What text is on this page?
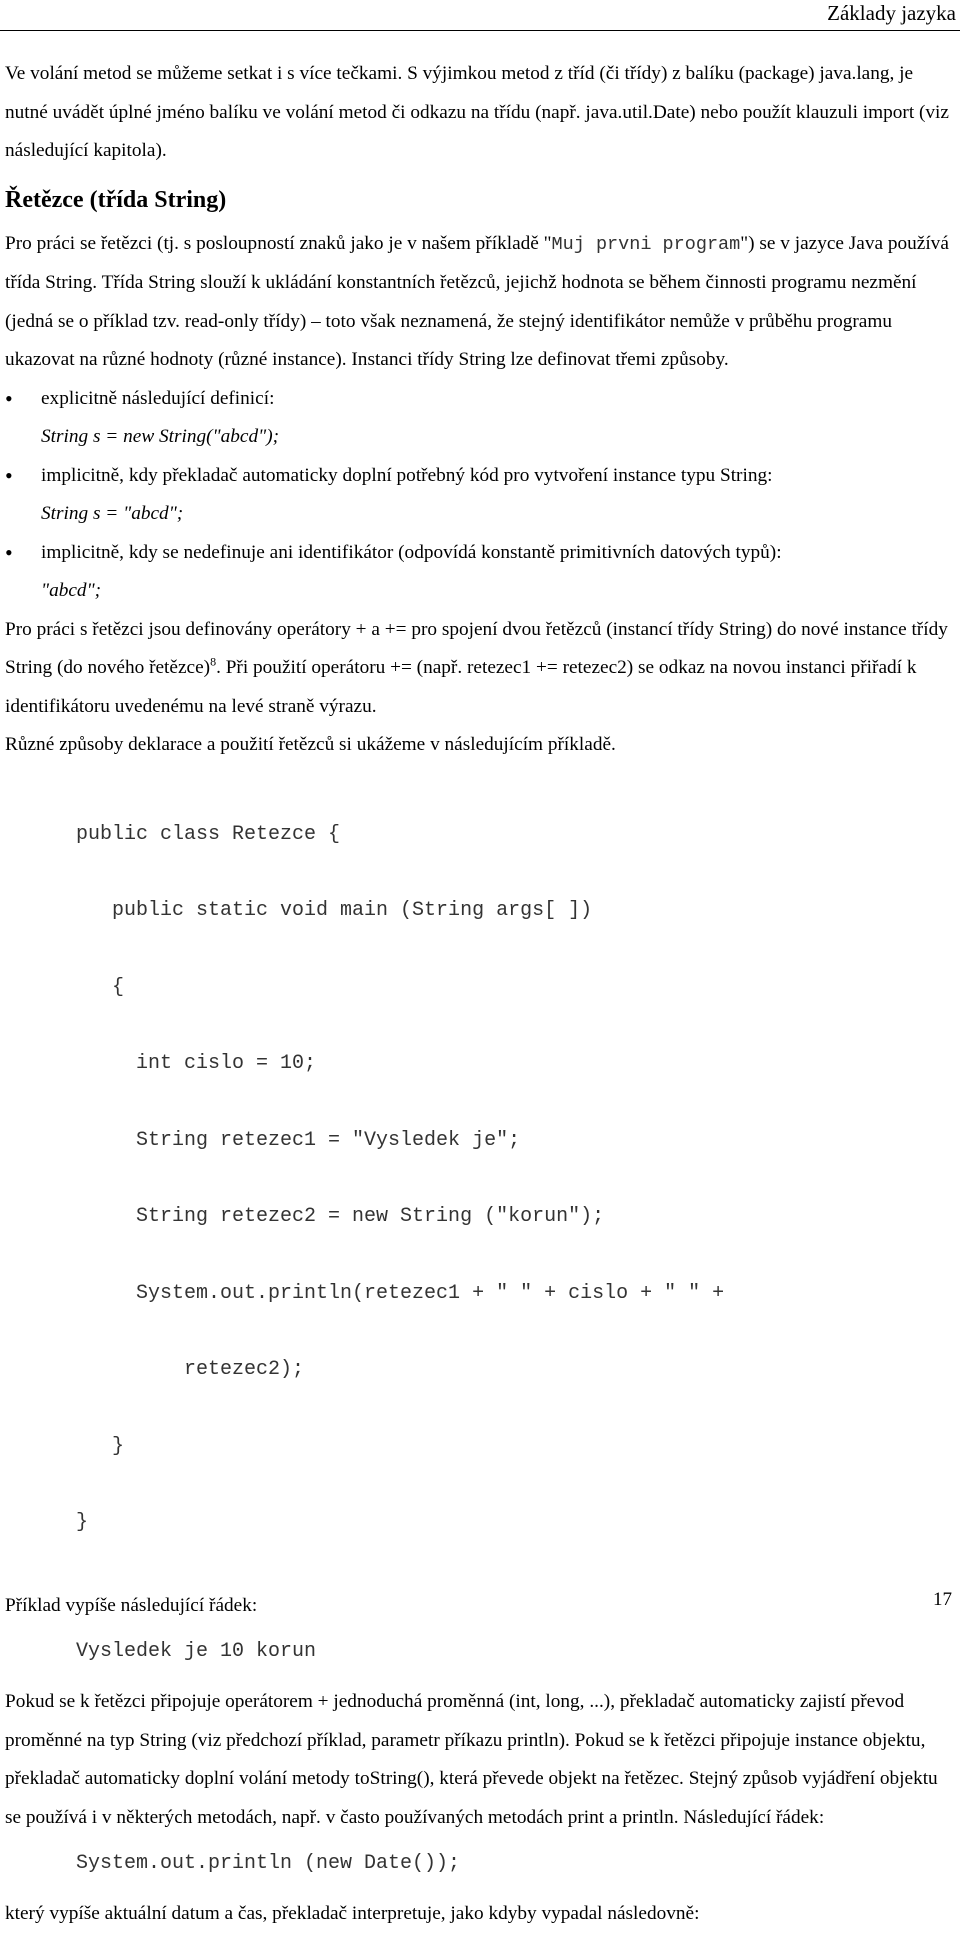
Základy jazyka

Ve volání metod se můžeme setkat i s více tečkami. S výjimkou metod z tříd (či třídy) z balíku (package) java.lang, je nutné uvádět úplné jméno balíku ve volání metod či odkazu na třídu (např. java.util.Date) nebo použít klauzuli import (viz následující kapitola).

Řetězce (třída String)

Pro práci se řetězci (tj. s posloupností znaků jako je v našem příkladě "Muj prvni program") se v jazyce Java používá třída String. Třída String slouží k ukládání konstantních řetězců, jejichž hodnota se během činnosti programu nezmění (jedná se o příklad tzv. read-only třídy) – toto však neznamená, že stejný identifikátor nemůže v průběhu programu ukazovat na různé hodnoty (různé instance). Instanci třídy String lze definovat třemi způsoby.

• explicitně následující definicí:
String s = new String("abcd");
• implicitně, kdy překladač automaticky doplní potřebný kód pro vytvoření instance typu String:
String s = "abcd";
• implicitně, kdy se nedefinuje ani identifikátor (odpovídá konstantě primitivních datových typů):
"abcd";

Pro práci s řetězci jsou definovány operátory + a += pro spojení dvou řetězců (instancí třídy String) do nové instance třídy String (do nového řetězce)$^8$. Při použití operátoru += (např. retezec1 += retezec2) se odkaz na novou instanci přiřadí k identifikátoru uvedenému na levé straně výrazu.

Různé způsoby deklarace a použití řetězců si ukážeme v následujícím příkladě.

public class Retezce {

public static void main (String args[ ])

{

int cislo = 10;

String retezec1 = "Vysledek je";

String retezec2 = new String ("korun");

System.out.println(retezec1 + " " + cislo + " " +

retezec2);

}

}

Příklad vypíše následující řádek:

Vysledek je 10 korun

Pokud se k řetězci připojuje operátorem + jednoduchá proměnná (int, long, ...), překladač automaticky zajistí převod proměnné na typ String (viz předchozí příklad, parametr příkazu println). Pokud se k řetězci připojuje instance objektu, překladač automaticky doplní volání metody toString(), která převede objekt na řetězec. Stejný způsob vyjádření objektu se používá i v některých metodách, např. v často používaných metodách print a println. Následující řádek:

System.out.println (new Date());

který vypíše aktuální datum a čas, překladač interpretuje, jako kdyby vypadal následovně:

17
